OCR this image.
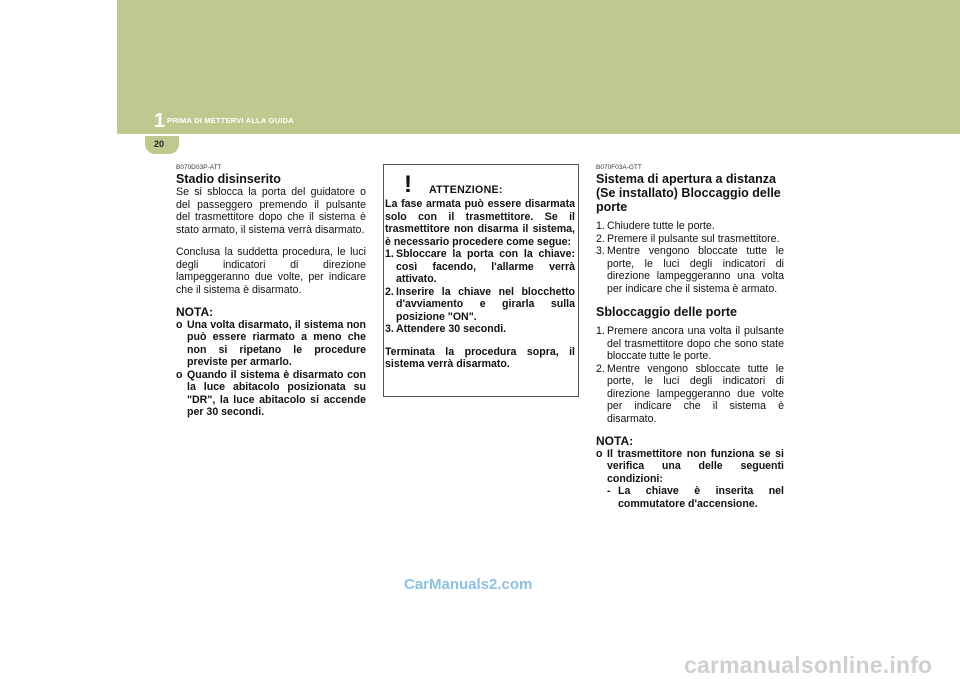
1 PRIMA DI METTERVI ALLA GUIDA
20
B070D03P-ATT
Stadio disinserito

Se si sblocca la porta del guidatore o del passeggero premendo il pulsante del trasmettitore dopo che il sistema è stato armato, il sistema verrà disarmato.

Conclusa la suddetta procedura, le luci degli indicatori di direzione lampeggeranno due volte, per indicare che il sistema è disarmato.

NOTA:
o Una volta disarmato, il sistema non può essere riarmato a meno che non si ripetano le procedure previste per armarlo.
o Quando il sistema è disarmato con la luce abitacolo posizionata su "DR", la luce abitacolo si accende per 30 secondi.
! ATTENZIONE:

La fase armata può essere disarmata solo con il trasmettitore. Se il trasmettitore non disarma il sistema, è necessario procedere come segue:

1. Sbloccare la porta con la chiave: così facendo, l'allarme verrà attivato.
2. Inserire la chiave nel blocchetto d'avviamento e girarla sulla posizione "ON".
3. Attendere 30 secondi.

Terminata la procedura sopra, il sistema verrà disarmato.

B070F03A-GTT
Sistema di apertura a distanza (Se installato) Bloccaggio delle porte
1. Chiudere tutte le porte.
2. Premere il pulsante sul trasmettitore.
3. Mentre vengono bloccate tutte le porte, le luci degli indicatori di direzione lampeggeranno una volta per indicare che il sistema è armato.
Sbloccaggio delle porte
1. Premere ancora una volta il pulsante del trasmettitore dopo che sono state bloccate tutte le porte.
2. Mentre vengono sbloccate tutte le porte, le luci degli indicatori di direzione lampeggeranno due volte per indicare che il sistema è disarmato.
NOTA:
o Il trasmettitore non funziona se si verifica una delle seguenti condizioni:
- La chiave è inserita nel commutatore d'accensione.
CarManuals2.com
carmanualsonline.info
